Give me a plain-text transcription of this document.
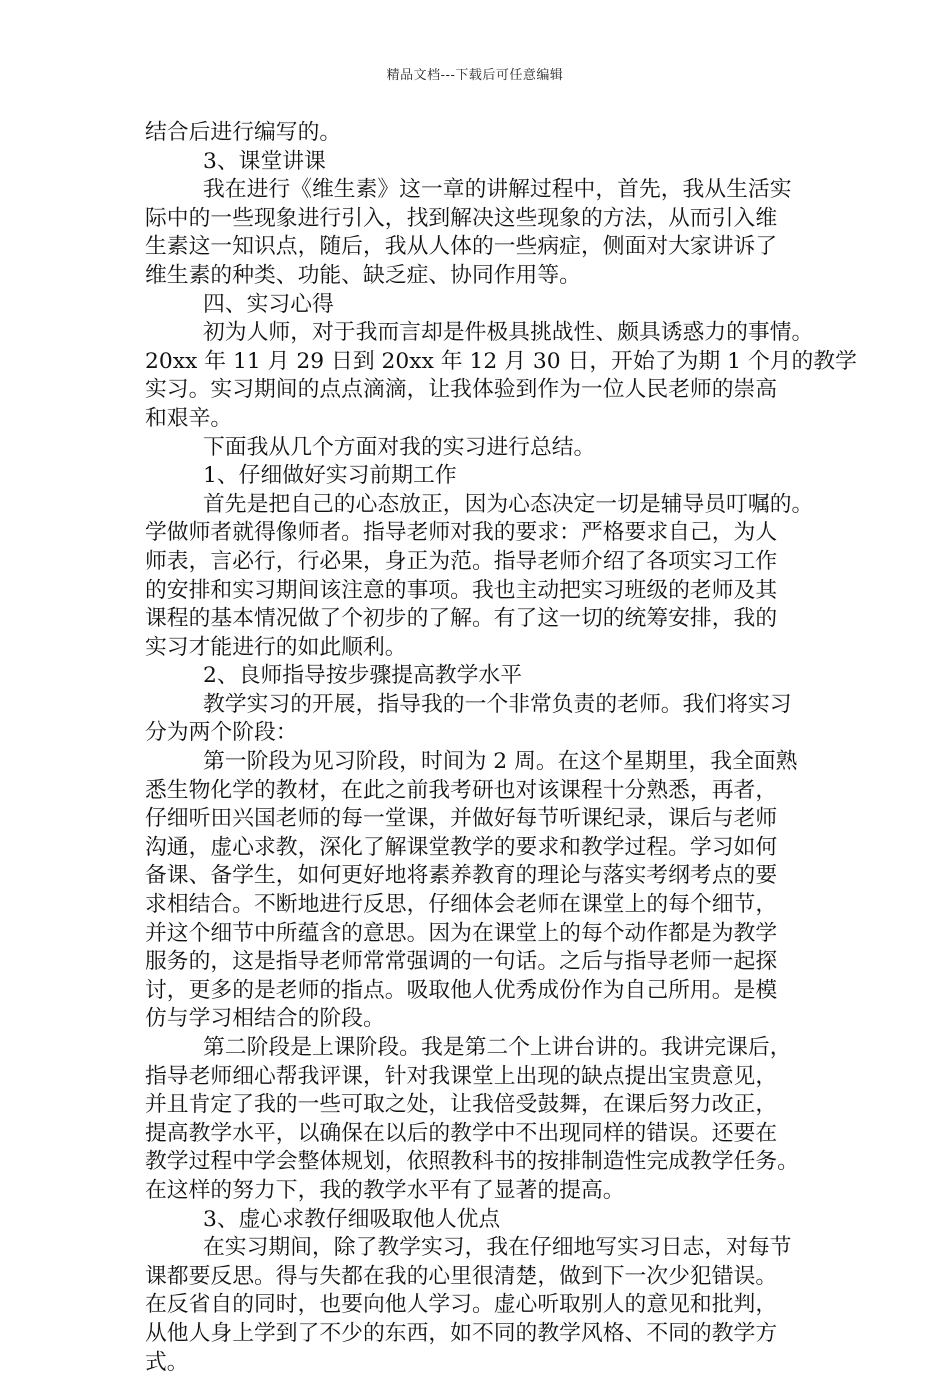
精品文档---下载后可任意编辑
结合后进行编写的。
3、课堂讲课
我在进行《维生素》这一章的讲解过程中，首先，我从生活实
际中的一些现象进行引入，找到解决这些现象的方法，从而引入维
生素这一知识点，随后，我从人体的一些病症，侧面对大家讲诉了
维生素的种类、功能、缺乏症、协同作用等。
四、实习心得
初为人师，对于我而言却是件极具挑战性、颇具诱惑力的事情。
20xx 年 11 月 29 日到 20xx 年 12 月 30 日，开始了为期 1 个月的教学
实习。实习期间的点点滴滴，让我体验到作为一位人民老师的崇高
和艰辛。
下面我从几个方面对我的实习进行总结。
1、仔细做好实习前期工作
首先是把自己的心态放正，因为心态决定一切是辅导员叮嘱的。
学做师者就得像师者。指导老师对我的要求：严格要求自己，为人
师表，言必行，行必果，身正为范。指导老师介绍了各项实习工作
的安排和实习期间该注意的事项。我也主动把实习班级的老师及其
课程的基本情况做了个初步的了解。有了这一切的统筹安排，我的
实习才能进行的如此顺利。
2、良师指导按步骤提高教学水平
教学实习的开展，指导我的一个非常负责的老师。我们将实习
分为两个阶段：
第一阶段为见习阶段，时间为 2 周。在这个星期里，我全面熟
悉生物化学的教材，在此之前我考研也对该课程十分熟悉，再者，
仔细听田兴国老师的每一堂课，并做好每节听课纪录，课后与老师
沟通，虚心求教，深化了解课堂教学的要求和教学过程。学习如何
备课、备学生，如何更好地将素养教育的理论与落实考纲考点的要
求相结合。不断地进行反思，仔细体会老师在课堂上的每个细节，
并这个细节中所蕴含的意思。因为在课堂上的每个动作都是为教学
服务的，这是指导老师常常强调的一句话。之后与指导老师一起探
讨，更多的是老师的指点。吸取他人优秀成份作为自己所用。是模
仿与学习相结合的阶段。
第二阶段是上课阶段。我是第二个上讲台讲的。我讲完课后，
指导老师细心帮我评课，针对我课堂上出现的缺点提出宝贵意见，
并且肯定了我的一些可取之处，让我倍受鼓舞，在课后努力改正，
提高教学水平，以确保在以后的教学中不出现同样的错误。还要在
教学过程中学会整体规划，依照教科书的按排制造性完成教学任务。
在这样的努力下，我的教学水平有了显著的提高。
3、虚心求教仔细吸取他人优点
在实习期间，除了教学实习，我在仔细地写实习日志，对每节
课都要反思。得与失都在我的心里很清楚，做到下一次少犯错误。
在反省自的同时，也要向他人学习。虚心听取别人的意见和批判，
从他人身上学到了不少的东西，如不同的教学风格、不同的教学方
式。
